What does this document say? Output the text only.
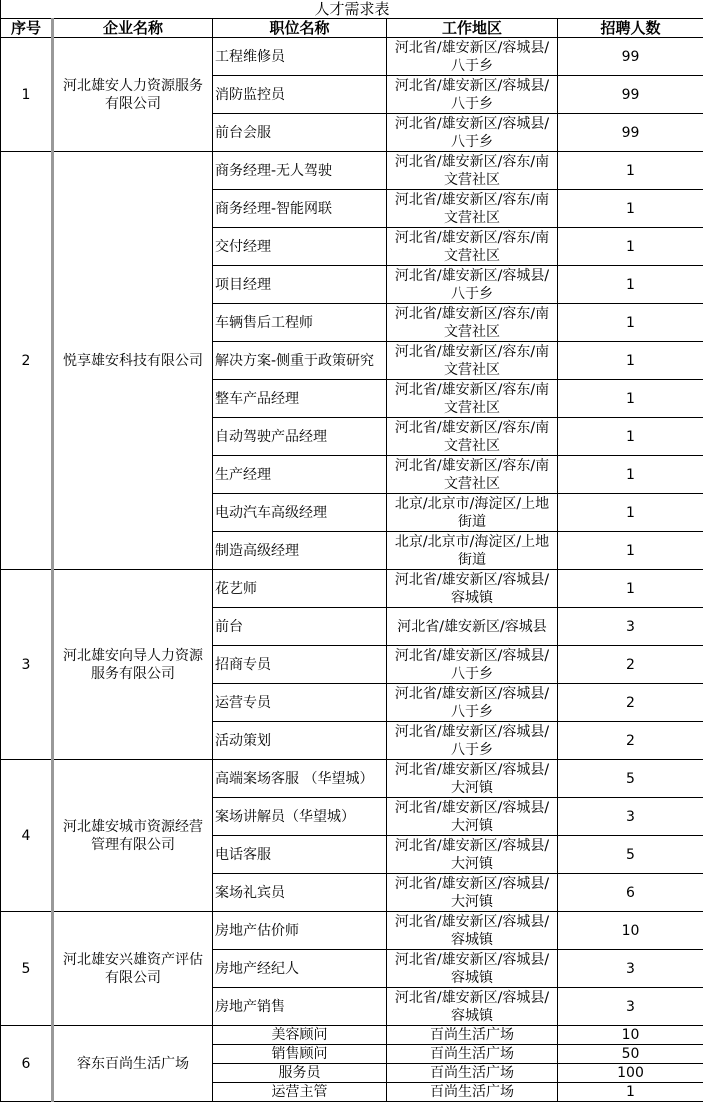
人才需求表				
序号	企业名称	职位名称	工作地区	招聘人数
1	河北雄安人力资源服务有限公司	工程维修员	河北省/雄安新区/容城县/八于乡	99
		消防监控员	河北省/雄安新区/容城县/八于乡	99
		前台会服	河北省/雄安新区/容城县/八于乡	99
2	悦享雄安科技有限公司	商务经理-无人驾驶	河北省/雄安新区/容东/南文营社区	1
		商务经理-智能网联	河北省/雄安新区/容东/南文营社区	1
		交付经理	河北省/雄安新区/容东/南文营社区	1
		项目经理	河北省/雄安新区/容城县/八于乡	1
		车辆售后工程师	河北省/雄安新区/容东/南文营社区	1
		解决方案-侧重于政策研究	河北省/雄安新区/容东/南文营社区	1
		整车产品经理	河北省/雄安新区/容东/南文营社区	1
		自动驾驶产品经理	河北省/雄安新区/容东/南文营社区	1
		生产经理	河北省/雄安新区/容东/南文营社区	1
		电动汽车高级经理	北京/北京市/海淀区/上地街道	1
		制造高级经理	北京/北京市/海淀区/上地街道	1
3	河北雄安向导人力资源服务有限公司	花艺师	河北省/雄安新区/容城县/容城镇	1
		前台	河北省/雄安新区/容城县	3
		招商专员	河北省/雄安新区/容城县/八于乡	2
		运营专员	河北省/雄安新区/容城县/八于乡	2
		活动策划	河北省/雄安新区/容城县/八于乡	2
4	河北雄安城市资源经营管理有限公司	高端案场客服 （华望城）	河北省/雄安新区/容城县/大河镇	5
		案场讲解员（华望城）	河北省/雄安新区/容城县/大河镇	3
		电话客服	河北省/雄安新区/容城县/大河镇	5
		案场礼宾员	河北省/雄安新区/容城县/大河镇	6
5	河北雄安兴雄资产评估有限公司	房地产估价师	河北省/雄安新区/容城县/容城镇	10
		房地产经纪人	河北省/雄安新区/容城县/容城镇	3
		房地产销售	河北省/雄安新区/容城县/容城镇	3
6	容东百尚生活广场	美容顾问	百尚生活广场	10
		销售顾问	百尚生活广场	50
		服务员	百尚生活广场	100
		运营主管	百尚生活广场	1
